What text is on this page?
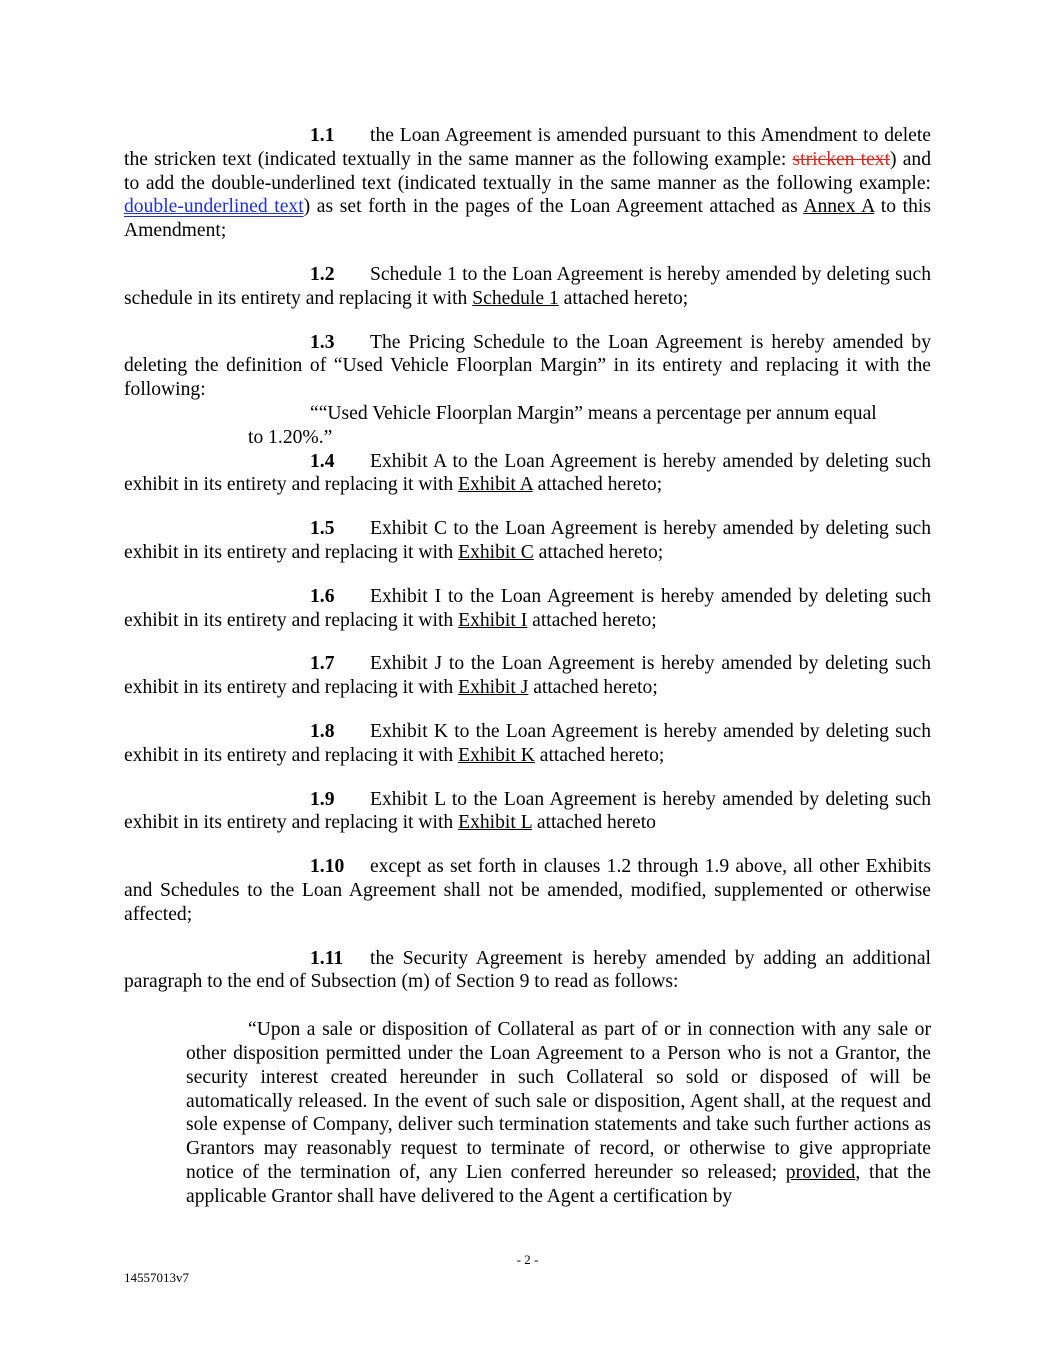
1.1 the Loan Agreement is amended pursuant to this Amendment to delete the stricken text (indicated textually in the same manner as the following example: stricken text) and to add the double-underlined text (indicated textually in the same manner as the following example: double-underlined text) as set forth in the pages of the Loan Agreement attached as Annex A to this Amendment;

1.2 Schedule 1 to the Loan Agreement is hereby amended by deleting such schedule in its entirety and replacing it with Schedule 1 attached hereto;

1.3 The Pricing Schedule to the Loan Agreement is hereby amended by deleting the definition of “Used Vehicle Floorplan Margin” in its entirety and replacing it with the following:

““Used Vehicle Floorplan Margin” means a percentage per annum equal
to 1.20%.”

1.4 Exhibit A to the Loan Agreement is hereby amended by deleting such exhibit in its entirety and replacing it with Exhibit A attached hereto;

1.5 Exhibit C to the Loan Agreement is hereby amended by deleting such exhibit in its entirety and replacing it with Exhibit C attached hereto;

1.6 Exhibit I to the Loan Agreement is hereby amended by deleting such exhibit in its entirety and replacing it with Exhibit I attached hereto;

1.7 Exhibit J to the Loan Agreement is hereby amended by deleting such exhibit in its entirety and replacing it with Exhibit J attached hereto;

1.8 Exhibit K to the Loan Agreement is hereby amended by deleting such exhibit in its entirety and replacing it with Exhibit K attached hereto;

1.9 Exhibit L to the Loan Agreement is hereby amended by deleting such exhibit in its entirety and replacing it with Exhibit L attached hereto

1.10 except as set forth in clauses 1.2 through 1.9 above, all other Exhibits and Schedules to the Loan Agreement shall not be amended, modified, supplemented or otherwise affected;

1.11 the Security Agreement is hereby amended by adding an additional paragraph to the end of Subsection (m) of Section 9 to read as follows:

“Upon a sale or disposition of Collateral as part of or in connection with any sale or other disposition permitted under the Loan Agreement to a Person who is not a Grantor, the security interest created hereunder in such Collateral so sold or disposed of will be automatically released. In the event of such sale or disposition, Agent shall, at the request and sole expense of Company, deliver such termination statements and take such further actions as Grantors may reasonably request to terminate of record, or otherwise to give appropriate notice of the termination of, any Lien conferred hereunder so released; provided, that the applicable Grantor shall have delivered to the Agent a certification by
- 2 -
14557013v7
